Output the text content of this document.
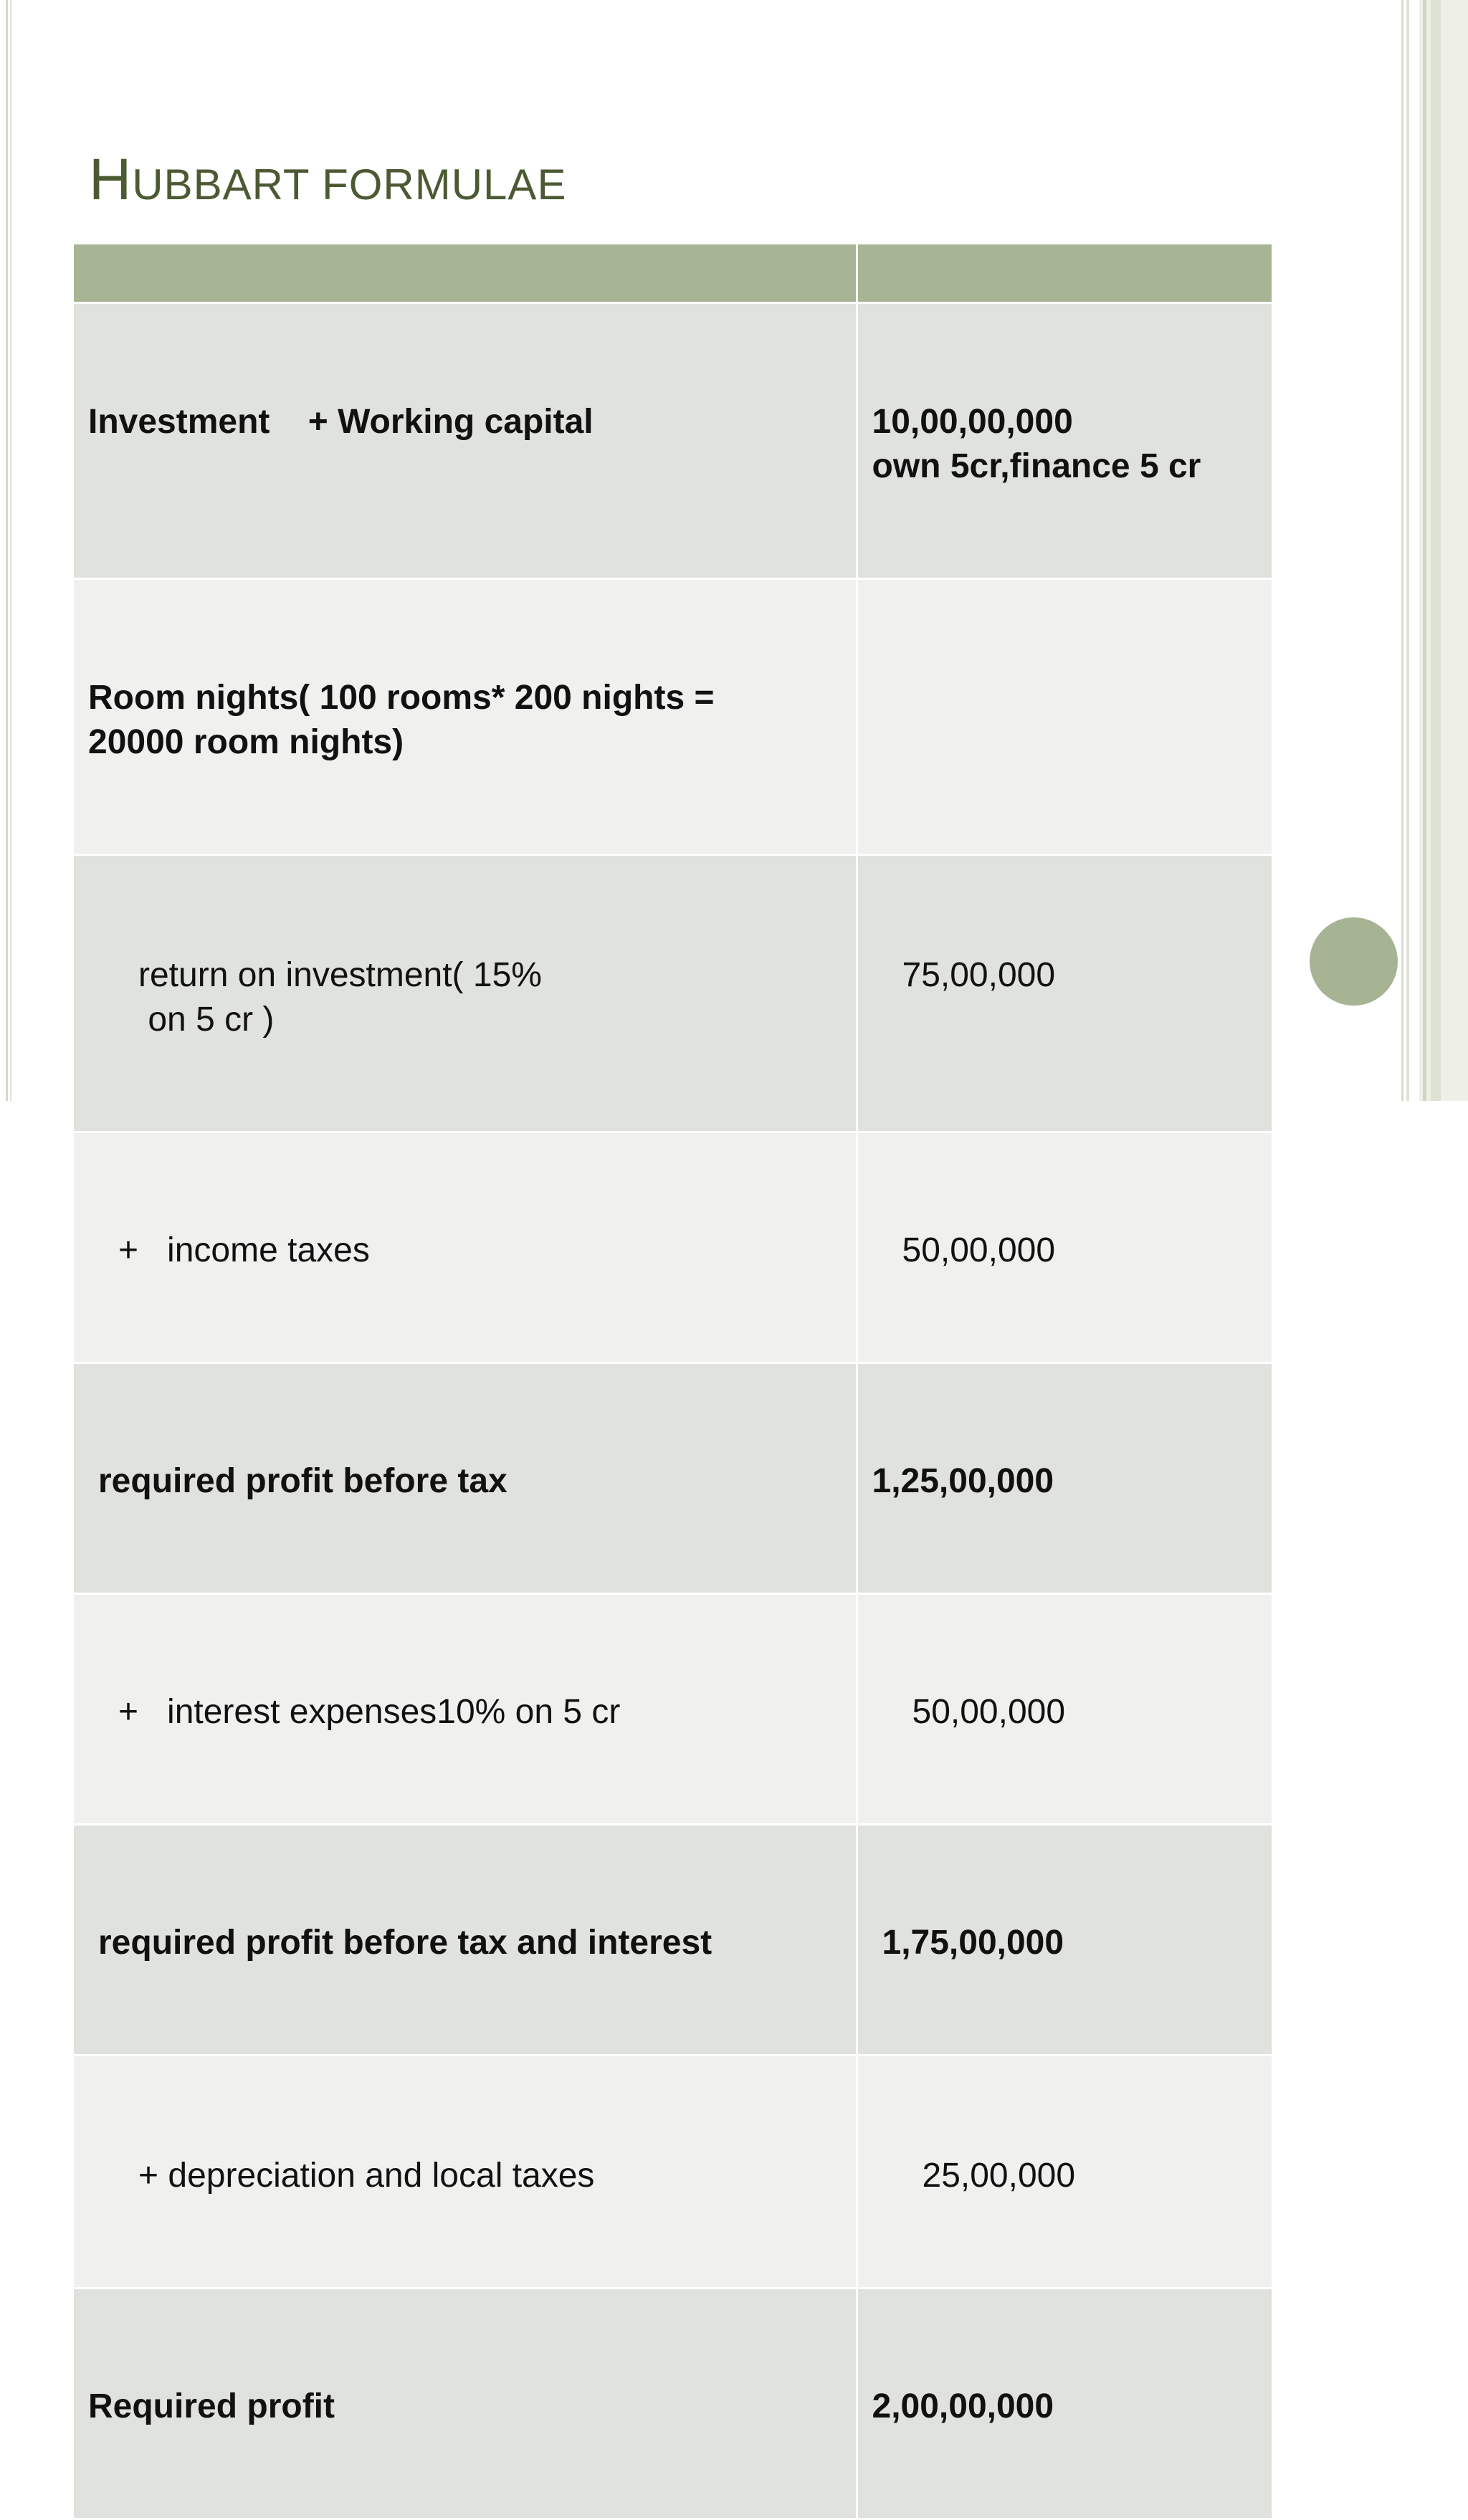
HUBBART FORMULAE

Investment    + Working capital	10,00,00,000
own 5cr,finance 5 cr

Room nights( 100 rooms* 200 nights =
20000 room nights)	

return on investment( 15%
on 5 cr )	75,00,000

+   income taxes	50,00,000

required profit before tax	1,25,00,000

+   interest expenses10% on 5 cr	50,00,000

required profit before tax and interest	1,75,00,000

+ depreciation and local taxes	25,00,000

Required profit	2,00,00,000
